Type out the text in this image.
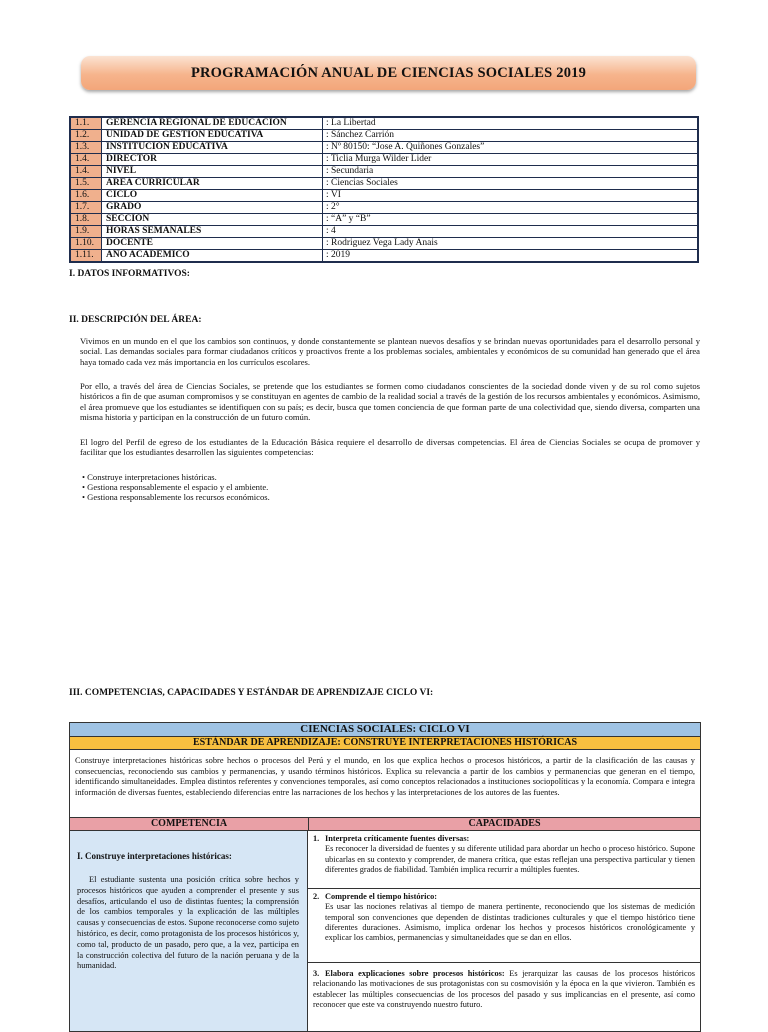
PROGRAMACIÓN ANUAL DE CIENCIAS SOCIALES 2019
1.1.	GERENCIA REGIONAL DE EDUCACIÓN	: La Libertad
1.2.	UNIDAD DE GESTIÓN EDUCATIVA	: Sánchez Carrión
1.3.	INSTITUCIÓN EDUCATIVA	: Nº 80150: “Jose A. Quiñones Gonzales”
1.4.	DIRECTOR	: Ticlia Murga Wilder Lider
1.4.	NIVEL	: Secundaria
1.5.	ÁREA CURRICULAR	: Ciencias Sociales
1.6.	CICLO	: VI
1.7.	GRADO	: 2°
1.8.	SECCIÓN	: “A” y “B”
1.9.	HORAS SEMANALES	: 4
1.10.	DOCENTE	: Rodriguez Vega Lady Anais
1.11.	AÑO ACADÉMICO	: 2019
I. DATOS INFORMATIVOS:
II. DESCRIPCIÓN DEL ÁREA:
Vivimos en un mundo en el que los cambios son continuos, y donde constantemente se plantean nuevos desafíos y se brindan nuevas oportunidades para el desarrollo personal y social. Las demandas sociales para formar ciudadanos críticos y proactivos frente a los problemas sociales, ambientales y económicos de su comunidad han generado que el área haya tomado cada vez más importancia en los currículos escolares.
Por ello, a través del área de Ciencias Sociales, se pretende que los estudiantes se formen como ciudadanos conscientes de la sociedad donde viven y de su rol como sujetos históricos a fin de que asuman compromisos y se constituyan en agentes de cambio de la realidad social a través de la gestión de los recursos ambientales y económicos. Asimismo, el área promueve que los estudiantes se identifiquen con su país; es decir, busca que tomen conciencia de que forman parte de una colectividad que, siendo diversa, comparten una misma historia y participan en la construcción de un futuro común.
El logro del Perfil de egreso de los estudiantes de la Educación Básica requiere el desarrollo de diversas competencias. El área de Ciencias Sociales se ocupa de promover y facilitar que los estudiantes desarrollen las siguientes competencias:
• Construye interpretaciones históricas.
• Gestiona responsablemente el espacio y el ambiente.
• Gestiona responsablemente los recursos económicos.
III. COMPETENCIAS, CAPACIDADES Y ESTÁNDAR DE APRENDIZAJE CICLO VI:
CIENCIAS SOCIALES: CICLO VI
ESTÁNDAR DE APRENDIZAJE: CONSTRUYE INTERPRETACIONES HISTÓRICAS
Construye interpretaciones históricas sobre hechos o procesos del Perú y el mundo, en los que explica hechos o procesos históricos, a partir de la clasificación de las causas y consecuencias, reconociendo sus cambios y permanencias, y usando términos históricos. Explica su relevancia a partir de los cambios y permanencias que generan en el tiempo, identificando simultaneidades. Emplea distintos referentes y convenciones temporales, así como conceptos relacionados a instituciones sociopolíticas y la economía. Compara e integra información de diversas fuentes, estableciendo diferencias entre las narraciones de los hechos y las interpretaciones de los autores de las fuentes.
COMPETENCIA	CAPACIDADES
I. Construye interpretaciones históricas:
El estudiante sustenta una posición crítica sobre hechos y procesos históricos que ayuden a comprender el presente y sus desafíos, articulando el uso de distintas fuentes; la comprensión de los cambios temporales y la explicación de las múltiples causas y consecuencias de estos. Supone reconocerse como sujeto histórico, es decir, como protagonista de los procesos históricos y, como tal, producto de un pasado, pero que, a la vez, participa en la construcción colectiva del futuro de la nación peruana y de la humanidad.
1. Interpreta críticamente fuentes diversas:
Es reconocer la diversidad de fuentes y su diferente utilidad para abordar un hecho o proceso histórico. Supone ubicarlas en su contexto y comprender, de manera crítica, que estas reflejan una perspectiva particular y tienen diferentes grados de fiabilidad. También implica recurrir a múltiples fuentes.
2. Comprende el tiempo histórico:
Es usar las nociones relativas al tiempo de manera pertinente, reconociendo que los sistemas de medición temporal son convenciones que dependen de distintas tradiciones culturales y que el tiempo histórico tiene diferentes duraciones. Asimismo, implica ordenar los hechos y procesos históricos cronológicamente y explicar los cambios, permanencias y simultaneidades que se dan en ellos.
3. Elabora explicaciones sobre procesos históricos: Es jerarquizar las causas de los procesos históricos relacionando las motivaciones de sus protagonistas con su cosmovisión y la época en la que vivieron. También es establecer las múltiples consecuencias de los procesos del pasado y sus implicancias en el presente, así como reconocer que este va construyendo nuestro futuro.
